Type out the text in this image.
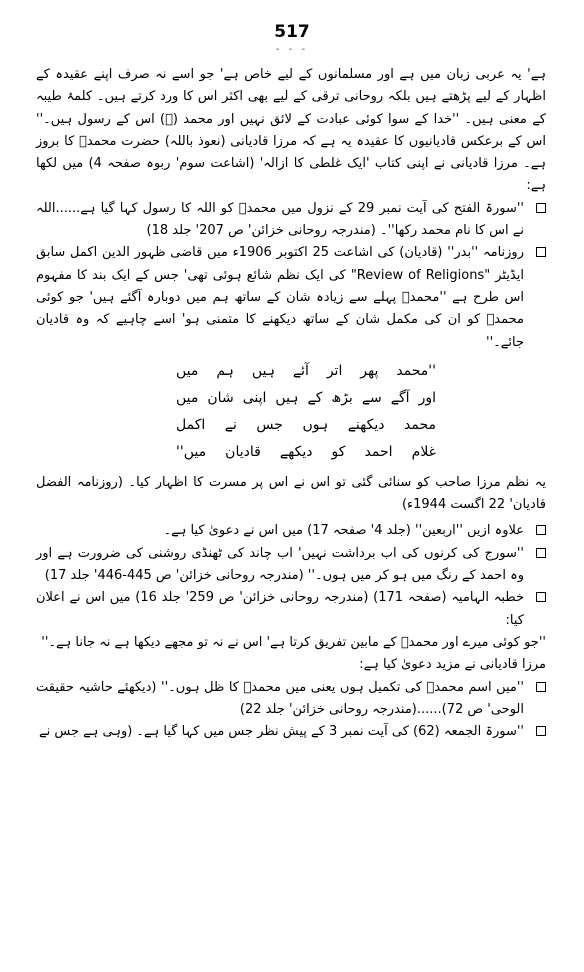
517
- - -

ہے' یہ عربی زبان میں ہے اور مسلمانوں کے لیے خاص ہے' جو اسے نہ صرف اپنے عقیدہ کے اظہار کے لیے پڑھتے ہیں بلکہ روحانی ترقی کے لیے بھی اکثر اس کا ورد کرتے ہیں۔ کلمۂ طیبہ کے معنی ہیں۔ ''خدا کے سوا کوئی عبادت کے لائق نہیں اور محمد (ﷺ) اس کے رسول ہیں۔'' اس کے برعکس قادیانیوں کا عقیدہ یہ ہے کہ مرزا قادیانی (نعوذ باللہ) حضرت محمدؐ کا بروز ہے۔ مرزا قادیانی نے اپنی کتاب 'ایک غلطی کا ازالہ' (اشاعت سوم' ربوہ صفحہ 4) میں لکھا ہے:

''سورۃ الفتح کی آیت نمبر 29 کے نزول میں محمدؐ کو اللہ کا رسول کہا گیا ہے......اللہ نے اس کا نام محمد رکھا''۔ (مندرجہ روحانی خزائن' ص 207' جلد 18)

روزنامہ ''بدر'' (قادیان) کی اشاعت 25 اکتوبر 1906ء میں قاضی ظہور الدین اکمل سابق ایڈیٹر "Review of Religions" کی ایک نظم شائع ہوئی تھی' جس کے ایک بند کا مفہوم اس طرح ہے ''محمدؐ پہلے سے زیادہ شان کے ساتھ ہم میں دوبارہ آگئے ہیں' جو کوئی محمدؐ کو ان کی مکمل شان کے ساتھ دیکھنے کا متمنی ہو' اسے چاہیے کہ وہ قادیان جائے۔''

''محمد پھر اتر آئے ہیں ہم میں

اور آگے سے بڑھ کے ہیں اپنی شان میں

محمد دیکھنے ہوں جس نے اکمل

غلام احمد کو دیکھے قادیان میں''

یہ نظم مرزا صاحب کو سنائی گئی تو اس نے اس پر مسرت کا اظہار کیا۔ (روزنامہ الفضل قادیان' 22 اگست 1944ء)

علاوہ ازیں ''اربعین'' (جلد 4' صفحہ 17) میں اس نے دعویٰ کیا ہے۔

''سورج کی کرنوں کی اب برداشت نہیں' اب چاند کی ٹھنڈی روشنی کی ضرورت ہے اور وہ احمد کے رنگ میں ہو کر میں ہوں۔'' (مندرجہ روحانی خزائن' ص 445-446' جلد 17)

خطبہ الہامیہ (صفحہ 171) (مندرجہ روحانی خزائن' ص 259' جلد 16) میں اس نے اعلان کیا:

''جو کوئی میرے اور محمدؐ کے مابین تفریق کرتا ہے' اس نے نہ تو مجھے دیکھا ہے نہ جانا ہے۔''

مرزا قادیانی نے مزید دعویٰ کیا ہے:

''میں اسم محمدؐ کی تکمیل ہوں یعنی میں محمدؐ کا ظل ہوں۔'' (دیکھئے حاشیہ حقیقت الوحی' ص 72)......(مندرجہ روحانی خزائن' جلد 22)

''سورۃ الجمعہ (62) کی آیت نمبر 3 کے پیش نظر جس میں کہا گیا ہے۔ (وہی ہے جس نے
